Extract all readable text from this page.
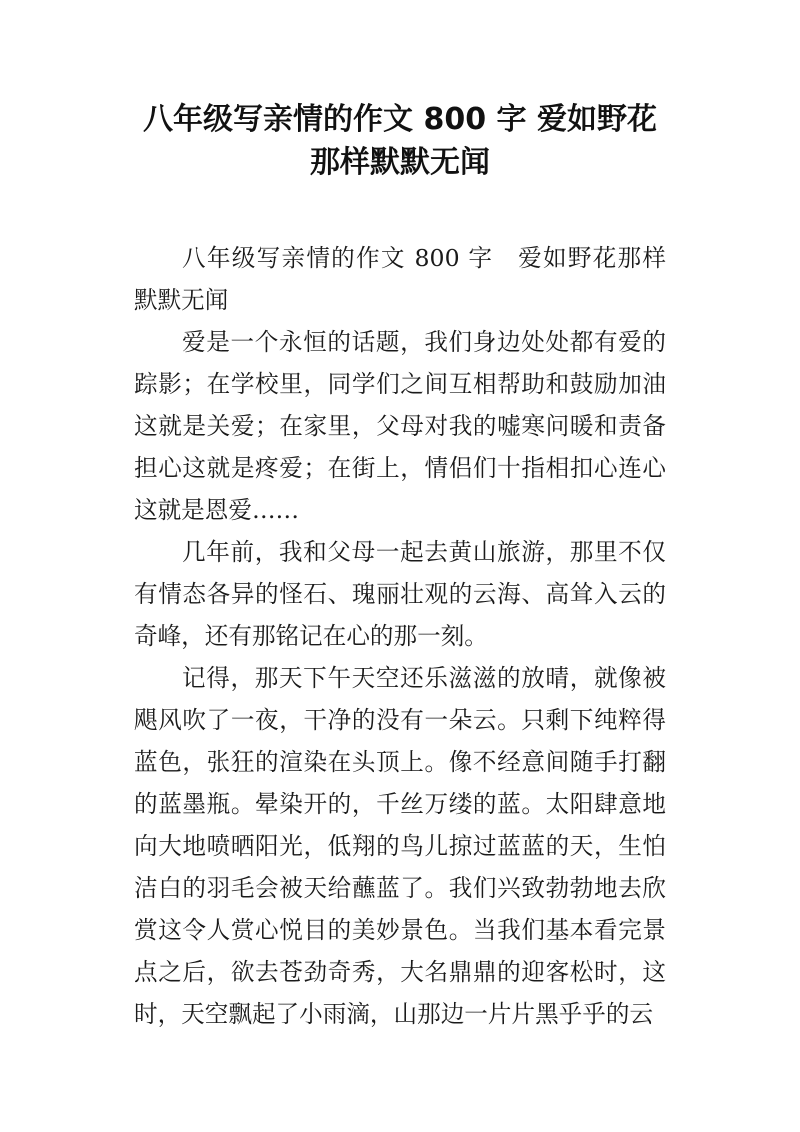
八年级写亲情的作文 800 字 爱如野花
那样默默无闻

八年级写亲情的作文 800 字　爱如野花那样默默无闻

爱是一个永恒的话题，我们身边处处都有爱的踪影；在学校里，同学们之间互相帮助和鼓励加油这就是关爱；在家里，父母对我的嘘寒问暖和责备担心这就是疼爱；在街上，情侣们十指相扣心连心这就是恩爱……

几年前，我和父母一起去黄山旅游，那里不仅有情态各异的怪石、瑰丽壮观的云海、高耸入云的奇峰，还有那铭记在心的那一刻。

记得，那天下午天空还乐滋滋的放晴，就像被飓风吹了一夜，干净的没有一朵云。只剩下纯粹得蓝色，张狂的渲染在头顶上。像不经意间随手打翻的蓝墨瓶。晕染开的，千丝万缕的蓝。太阳肆意地向大地喷晒阳光，低翔的鸟儿掠过蓝蓝的天，生怕洁白的羽毛会被天给蘸蓝了。我们兴致勃勃地去欣赏这令人赏心悦目的美妙景色。当我们基本看完景点之后，欲去苍劲奇秀，大名鼎鼎的迎客松时，这时，天空飘起了小雨滴，山那边一片片黑乎乎的云
